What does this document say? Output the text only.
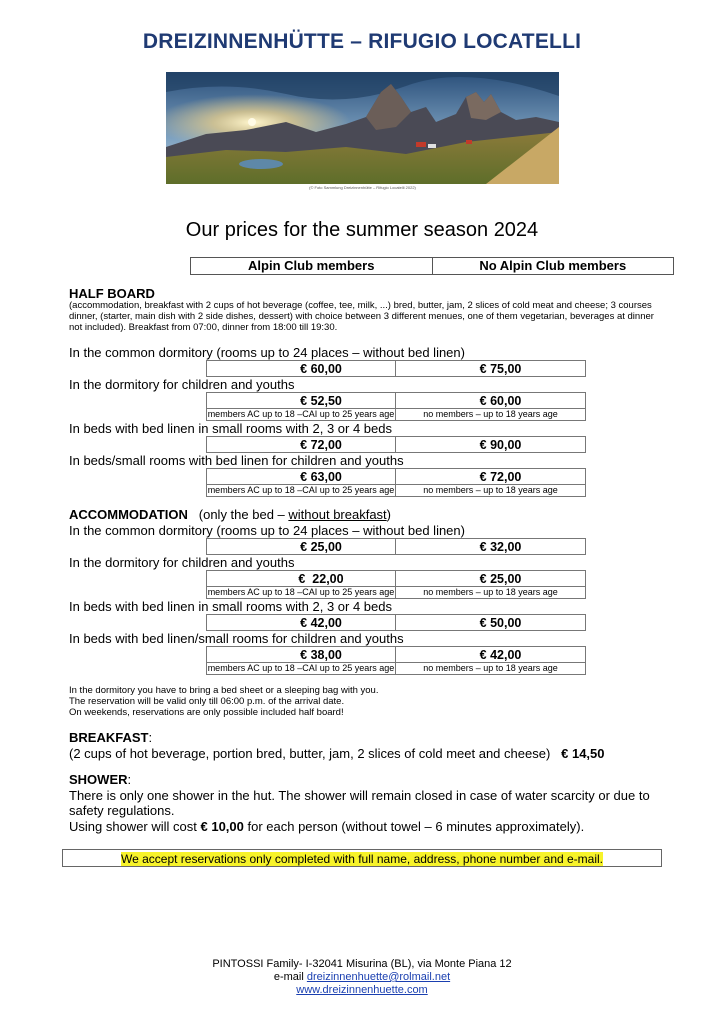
DREIZINNENHÜTTE – RIFUGIO LOCATELLI
(© Foto Sammlung Dreizinnenhütte – Rifugio Locatelli 2022)
Our prices for the summer season 2024
Alpin Club members	No Alpin Club members
HALF BOARD
(accommodation, breakfast with 2 cups of hot beverage (coffee, tee, milk, ...) bred, butter, jam, 2 slices of cold meat and cheese; 3 courses dinner, (starter, main dish with 2 side dishes, dessert) with choice between 3 different menues, one of them vegetarian, beverages at dinner not included). Breakfast from 07:00, dinner from 18:00 till 19:30.
In the common dormitory (rooms up to 24 places – without bed linen)
€ 60,00	€ 75,00
In the dormitory for children and youths
€ 52,50	€ 60,00
members AC up to 18 –CAI up to 25 years age	no members – up to 18 years age
In beds with bed linen in small rooms with 2, 3 or 4 beds
€ 72,00	€ 90,00
In beds/small rooms with bed linen for children and youths
€ 63,00	€ 72,00
members AC up to 18 –CAI up to 25 years age	no members – up to 18 years age
ACCOMMODATION (only the bed – without breakfast)
In the common dormitory (rooms up to 24 places – without bed linen)
€ 25,00	€ 32,00
In the dormitory for children and youths
€  22,00	€ 25,00
members AC up to 18 –CAI up to 25 years age	no members – up to 18 years age
In beds with bed linen in small rooms with 2, 3 or 4 beds
€ 42,00	€ 50,00
In beds with bed linen/small rooms for children and youths
€ 38,00	€ 42,00
members AC up to 18 –CAI up to 25 years age	no members – up to 18 years age
In the dormitory you have to bring a bed sheet or a sleeping bag with you.
The reservation will be valid only till 06:00 p.m. of the arrival date.
On weekends, reservations are only possible included half board!
BREAKFAST:
(2 cups of hot beverage, portion bred, butter, jam, 2 slices of cold meet and cheese) € 14,50
SHOWER:
There is only one shower in the hut. The shower will remain closed in case of water scarcity or due to safety regulations.
Using shower will cost € 10,00 for each person (without towel – 6 minutes approximately).
We accept reservations only completed with full name, address, phone number and e-mail.
PINTOSSI Family- I-32041 Misurina (BL), via Monte Piana 12
e-mail dreizinnenhuette@rolmail.net
www.dreizinnenhuette.com
